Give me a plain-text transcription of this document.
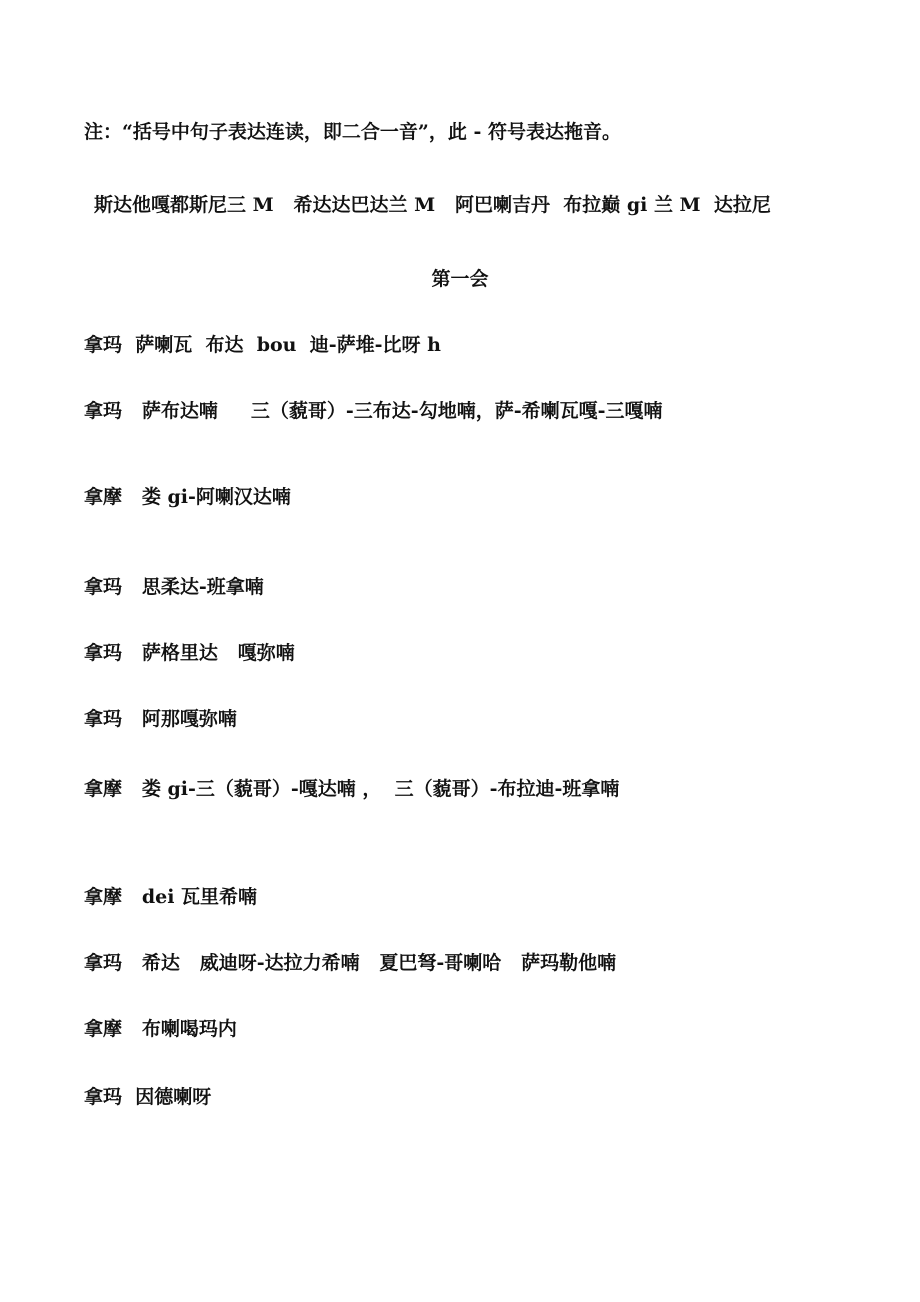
注：“括号中句子表达连读，即二合一音”，此 - 符号表达拖音。
斯达他嘎都斯尼三 M   希达达巴达兰 M   阿巴喇吉丹  布拉巅 gi 兰 M  达拉尼
第一会
拿玛  萨喇瓦  布达  bou  迪-萨堆-比呀 h
拿玛   萨布达喃     三（藐哥）-三布达-勾地喃，萨-希喇瓦嘎-三嘎喃
拿摩   娄 gi-阿喇汉达喃
拿玛   思柔达-班拿喃
拿玛   萨格里达   嘎弥喃
拿玛   阿那嘎弥喃
拿摩   娄 gi-三（藐哥）-嘎达喃 ，  三（藐哥）-布拉迪-班拿喃
拿摩   dei 瓦里希喃
拿玛   希达   威迪呀-达拉力希喃   夏巴弩-哥喇哈   萨玛勒他喃
拿摩   布喇喝玛内
拿玛  因德喇呀
